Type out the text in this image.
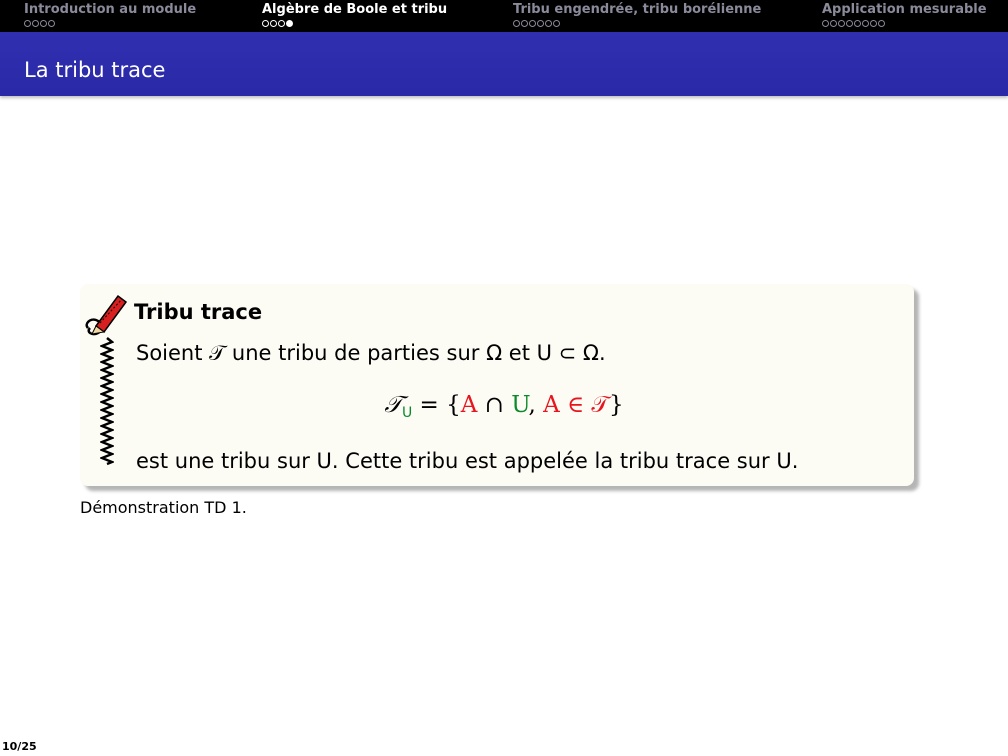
Introduction au module	Algèbre de Boole et tribu	Tribu engendrée, tribu borélienne	Application mesurable
La tribu trace
Tribu trace
Soient 𝒯 une tribu de parties sur Ω et U ⊂ Ω.
𝒯$_U$ = {A ∩ U, A ∈ 𝒯}
est une tribu sur U. Cette tribu est appelée la tribu trace sur U.
Démonstration TD 1.
10/25
